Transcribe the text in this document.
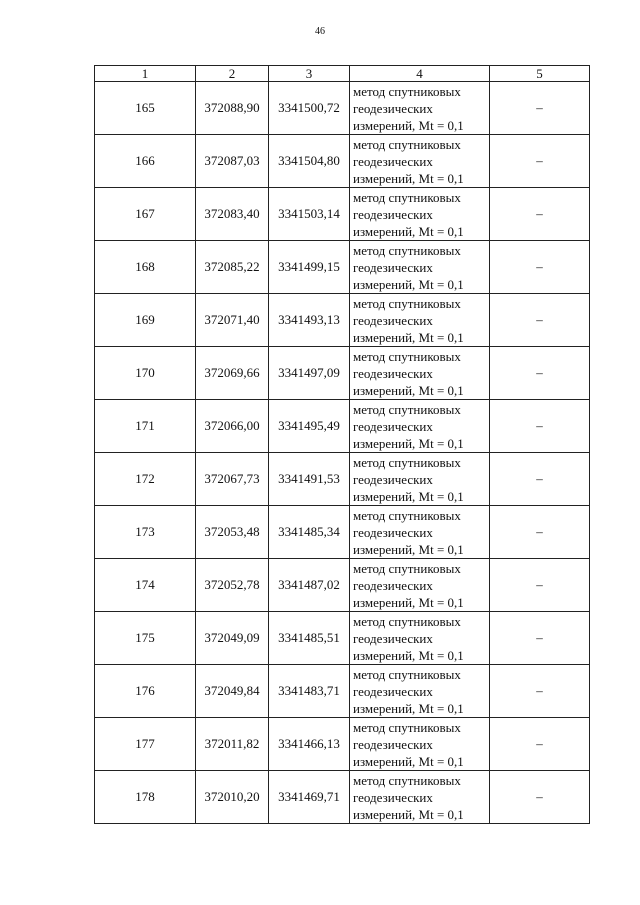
46
1	2	3	4	5
165	372088,90	3341500,72	метод спутниковых
геодезических
измерений, Mt = 0,1	–
166	372087,03	3341504,80	метод спутниковых
геодезических
измерений, Mt = 0,1	–
167	372083,40	3341503,14	метод спутниковых
геодезических
измерений, Mt = 0,1	–
168	372085,22	3341499,15	метод спутниковых
геодезических
измерений, Mt = 0,1	–
169	372071,40	3341493,13	метод спутниковых
геодезических
измерений, Mt = 0,1	–
170	372069,66	3341497,09	метод спутниковых
геодезических
измерений, Mt = 0,1	–
171	372066,00	3341495,49	метод спутниковых
геодезических
измерений, Mt = 0,1	–
172	372067,73	3341491,53	метод спутниковых
геодезических
измерений, Mt = 0,1	–
173	372053,48	3341485,34	метод спутниковых
геодезических
измерений, Mt = 0,1	–
174	372052,78	3341487,02	метод спутниковых
геодезических
измерений, Mt = 0,1	–
175	372049,09	3341485,51	метод спутниковых
геодезических
измерений, Mt = 0,1	–
176	372049,84	3341483,71	метод спутниковых
геодезических
измерений, Mt = 0,1	–
177	372011,82	3341466,13	метод спутниковых
геодезических
измерений, Mt = 0,1	–
178	372010,20	3341469,71	метод спутниковых
геодезических
измерений, Mt = 0,1	–
